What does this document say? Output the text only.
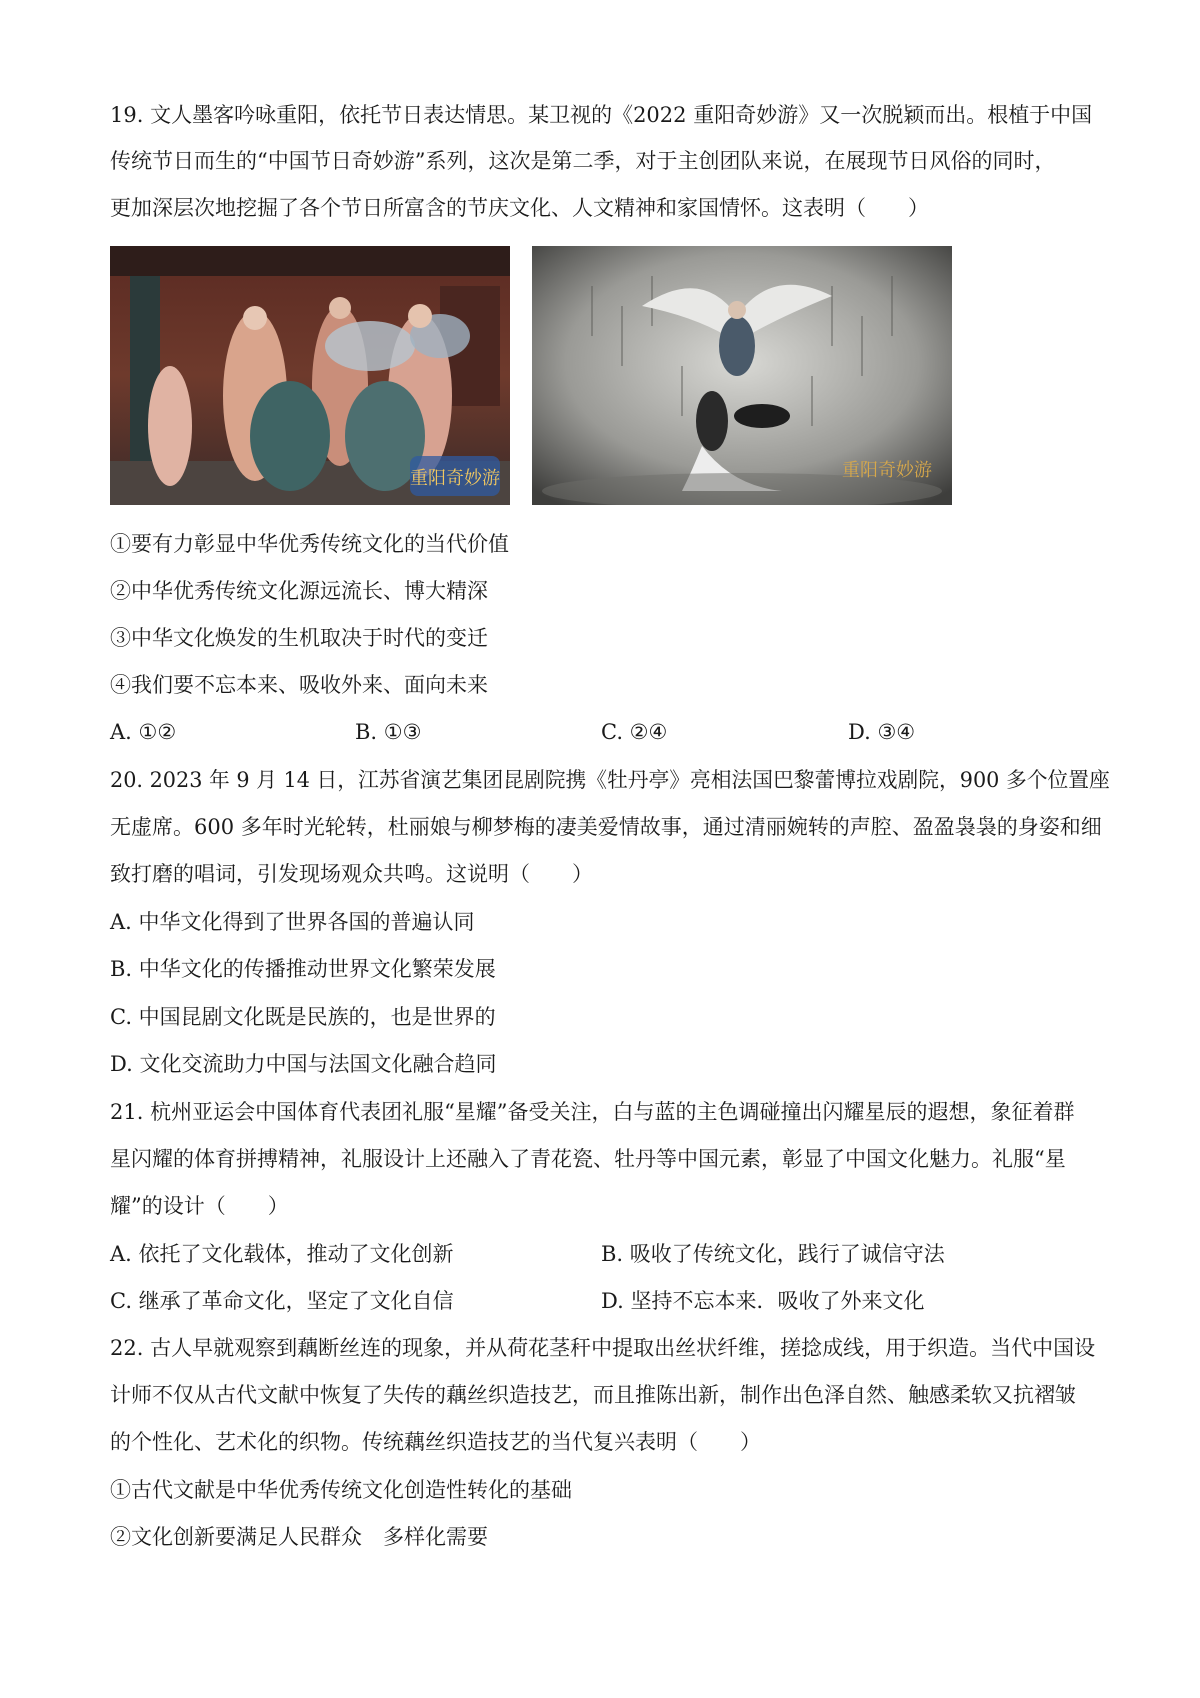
19. 文人墨客吟咏重阳，依托节日表达情思。某卫视的《2022 重阳奇妙游》又一次脱颖而出。根植于中国
传统节日而生的“中国节日奇妙游”系列，这次是第二季，对于主创团队来说，在展现节日风俗的同时，
更加深层次地挖掘了各个节日所富含的节庆文化、人文精神和家国情怀。这表明（　　）
重阳奇妙游	重阳奇妙游
①要有力彰显中华优秀传统文化的当代价值
②中华优秀传统文化源远流长、博大精深
③中华文化焕发的生机取决于时代的变迁
④我们要不忘本来、吸收外来、面向未来
A. ①②	B. ①③	C. ②④	D. ③④
20. 2023 年 9 月 14 日，江苏省演艺集团昆剧院携《牡丹亭》亮相法国巴黎蕾博拉戏剧院，900 多个位置座
无虚席。600 多年时光轮转，杜丽娘与柳梦梅的凄美爱情故事，通过清丽婉转的声腔、盈盈袅袅的身姿和细
致打磨的唱词，引发现场观众共鸣。这说明（　　）
A. 中华文化得到了世界各国的普遍认同
B. 中华文化的传播推动世界文化繁荣发展
C. 中国昆剧文化既是民族的，也是世界的
D. 文化交流助力中国与法国文化融合趋同
21. 杭州亚运会中国体育代表团礼服“星耀”备受关注，白与蓝的主色调碰撞出闪耀星辰的遐想，象征着群
星闪耀的体育拼搏精神，礼服设计上还融入了青花瓷、牡丹等中国元素，彰显了中国文化魅力。礼服“星
耀”的设计（　　）
A. 依托了文化载体，推动了文化创新	B. 吸收了传统文化，践行了诚信守法
C. 继承了革命文化，坚定了文化自信	D. 坚持不忘本来．吸收了外来文化
22. 古人早就观察到藕断丝连的现象，并从荷花茎秆中提取出丝状纤维，搓捻成线，用于织造。当代中国设
计师不仅从古代文献中恢复了失传的藕丝织造技艺，而且推陈出新，制作出色泽自然、触感柔软又抗褶皱
的个性化、艺术化的织物。传统藕丝织造技艺的当代复兴表明（　　）
①古代文献是中华优秀传统文化创造性转化的基础
②文化创新要满足人民群众　多样化需要
